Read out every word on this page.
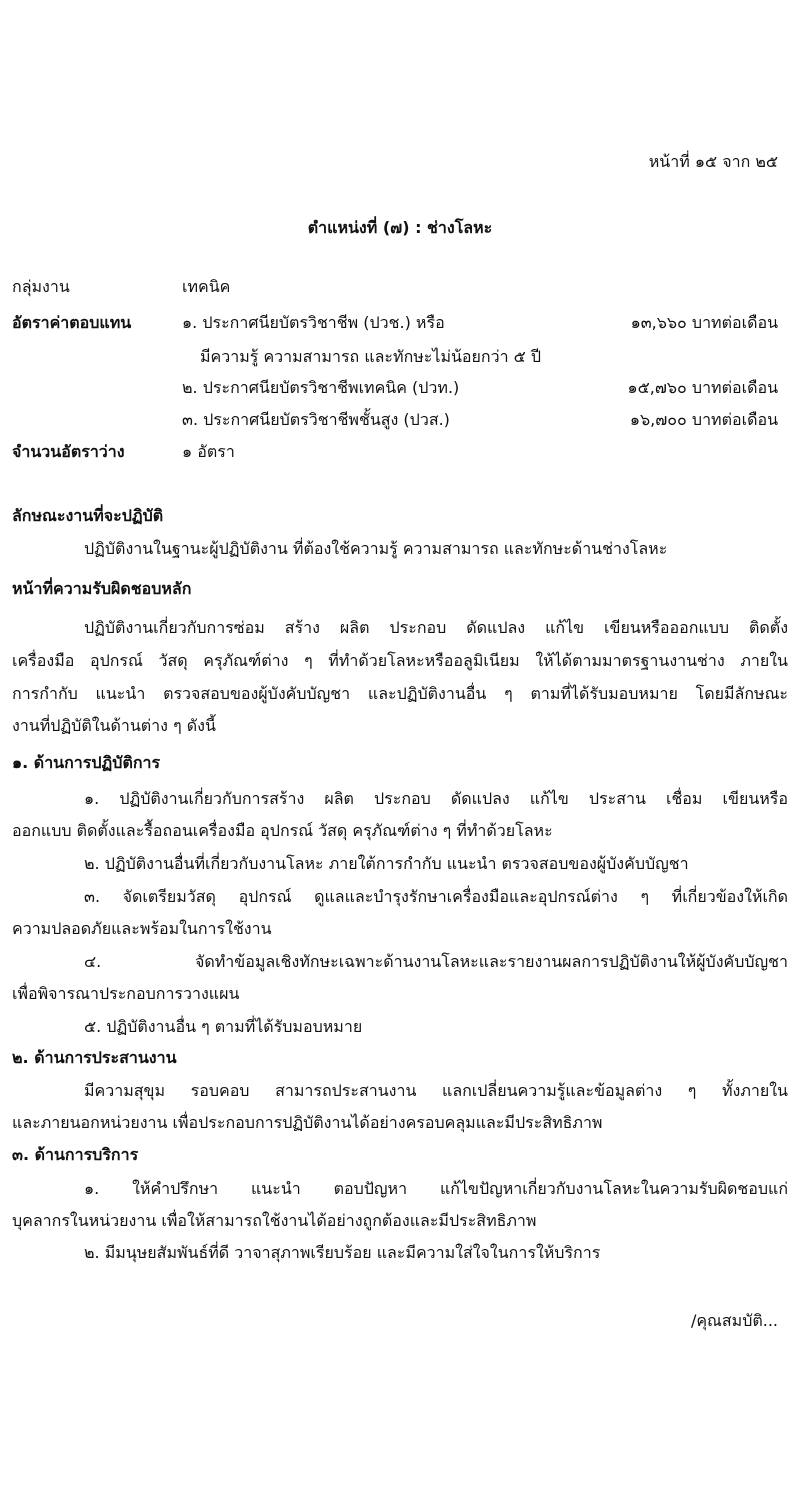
หน้าที่ ๑๕ จาก ๒๕
ตำแหน่งที่ (๗) : ช่างโลหะ
กลุ่มงาน	เทคนิค
อัตราค่าตอบแทน	๑. ประกาศนียบัตรวิชาชีพ (ปวช.) หรือ	๑๓,๖๖๐ บาทต่อเดือน
มีความรู้ ความสามารถ และทักษะไม่น้อยกว่า ๕ ปี
๒. ประกาศนียบัตรวิชาชีพเทคนิค (ปวท.)	๑๕,๗๖๐ บาทต่อเดือน
๓. ประกาศนียบัตรวิชาชีพชั้นสูง (ปวส.)	๑๖,๗๐๐ บาทต่อเดือน
จำนวนอัตราว่าง	๑ อัตรา
ลักษณะงานที่จะปฏิบัติ
ปฏิบัติงานในฐานะผู้ปฏิบัติงาน ที่ต้องใช้ความรู้ ความสามารถ และทักษะด้านช่างโลหะ
หน้าที่ความรับผิดชอบหลัก
ปฏิบัติงานเกี่ยวกับการซ่อม สร้าง ผลิต ประกอบ ดัดแปลง แก้ไข เขียนหรือออกแบบ ติดตั้ง
เครื่องมือ อุปกรณ์ วัสดุ ครุภัณฑ์ต่าง ๆ ที่ทำด้วยโลหะหรืออลูมิเนียม ให้ได้ตามมาตรฐานงานช่าง ภายใน
การกำกับ แนะนำ ตรวจสอบของผู้บังคับบัญชา และปฏิบัติงานอื่น ๆ ตามที่ได้รับมอบหมาย โดยมีลักษณะ
งานที่ปฏิบัติในด้านต่าง ๆ ดังนี้
๑. ด้านการปฏิบัติการ
๑. ปฏิบัติงานเกี่ยวกับการสร้าง ผลิต ประกอบ ดัดแปลง แก้ไข ประสาน เชื่อม เขียนหรือ
ออกแบบ ติดตั้งและรื้อถอนเครื่องมือ อุปกรณ์ วัสดุ ครุภัณฑ์ต่าง ๆ ที่ทำด้วยโลหะ
๒. ปฏิบัติงานอื่นที่เกี่ยวกับงานโลหะ ภายใต้การกำกับ แนะนำ ตรวจสอบของผู้บังคับบัญชา
๓. จัดเตรียมวัสดุ อุปกรณ์ ดูแลและบำรุงรักษาเครื่องมือและอุปกรณ์ต่าง ๆ ที่เกี่ยวข้องให้เกิด
ความปลอดภัยและพร้อมในการใช้งาน
๔. จัดทำข้อมูลเชิงทักษะเฉพาะด้านงานโลหะและรายงานผลการปฏิบัติงานให้ผู้บังคับบัญชา
เพื่อพิจารณาประกอบการวางแผน
๕. ปฏิบัติงานอื่น ๆ ตามที่ได้รับมอบหมาย
๒. ด้านการประสานงาน
มีความสุขุม รอบคอบ สามารถประสานงาน แลกเปลี่ยนความรู้และข้อมูลต่าง ๆ ทั้งภายใน
และภายนอกหน่วยงาน เพื่อประกอบการปฏิบัติงานได้อย่างครอบคลุมและมีประสิทธิภาพ
๓. ด้านการบริการ
๑. ให้คำปรึกษา แนะนำ ตอบปัญหา แก้ไขปัญหาเกี่ยวกับงานโลหะในความรับผิดชอบแก่
บุคลากรในหน่วยงาน เพื่อให้สามารถใช้งานได้อย่างถูกต้องและมีประสิทธิภาพ
๒. มีมนุษยสัมพันธ์ที่ดี วาจาสุภาพเรียบร้อย และมีความใส่ใจในการให้บริการ
/คุณสมบัติ...
